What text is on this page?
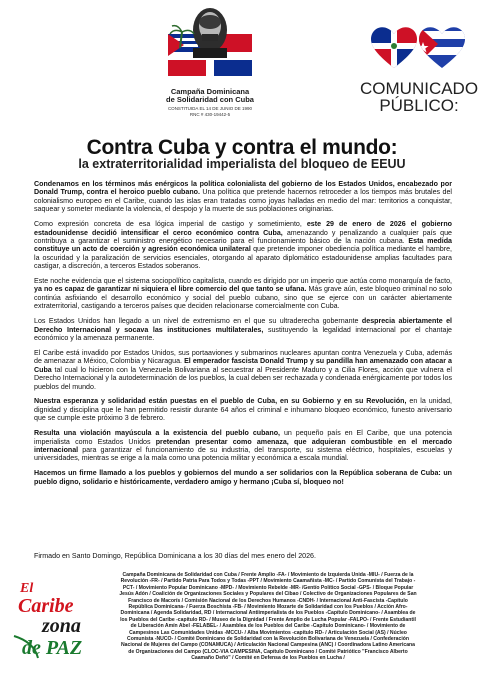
Campaña Dominicana
de Solidaridad con Cuba
CONSTITUIDA EL 14 DE JUNIO DE 1990
RNC # 430-19442-5
COMUNICADO
PÚBLICO:
Contra Cuba y contra el mundo:
la extraterritorialidad imperialista del bloqueo de EEUU

Condenamos en los términos más enérgicos la política colonialista del gobierno de los Estados Unidos, encabezado por Donald Trump, contra el heroico pueblo cubano. Una política que pretende hacernos retroceder a los tiempos más brutales del colonialismo europeo en el Caribe, cuando las islas eran tratadas como joyas halladas en medio del mar: territorios a conquistar, saquear y someter mediante la violencia, el despojo y la muerte de sus poblaciones originarias.

Como expresión concreta de esa lógica imperial de castigo y sometimiento, este 29 de enero de 2026 el gobierno estadounidense decidió intensificar el cerco económico contra Cuba, amenazando y penalizando a cualquier país que contribuya a garantizar el suministro energético necesario para el funcionamiento básico de la nación cubana. Esta medida constituye un acto de coerción y agresión económica unilateral que pretende imponer obediencia política mediante el hambre, la oscuridad y la paralización de servicios esenciales, otorgando al aparato diplomático estadounidense amplias facultades para castigar, a discreción, a terceros Estados soberanos.

Este noche evidencia que el sistema sociopolítico capitalista, cuando es dirigido por un imperio que actúa como monarquía de facto, ya no es capaz de garantizar ni siquiera el libre comercio del que tanto se ufana. Más grave aún, este bloqueo criminal no solo continúa asfixiando el desarrollo económico y social del pueblo cubano, sino que se ejerce con un carácter abiertamente extraterritorial, castigando a terceros países que deciden relacionarse comercialmente con Cuba.

Los Estados Unidos han llegado a un nivel de extremismo en el que su ultraderecha gobernante desprecia abiertamente el Derecho Internacional y socava las instituciones multilaterales, sustituyendo la legalidad internacional por el chantaje económico y la amenaza permanente.

El Caribe está invadido por Estados Unidos, sus portaaviones y submarinos nucleares apuntan contra Venezuela y Cuba, además de amenazar a México, Colombia y Nicaragua. El emperador fascista Donald Trump y su pandilla han amenazado con atacar a Cuba tal cual lo hicieron con la Venezuela Bolivariana al secuestrar al Presidente Maduro y a Cilia Flores, acción que vulnera el Derecho Internacional y la autodeterminación de los pueblos, la cual deben ser rechazada y condenada enérgicamente por todos los pueblos del mundo.

Nuestra esperanza y solidaridad están puestas en el pueblo de Cuba, en su Gobierno y en su Revolución, en la unidad, dignidad y disciplina que le han permitido resistir durante 64 años el criminal e inhumano bloqueo económico, funesto aniversario que se cumple este próximo 3 de febrero.

Resulta una violación mayúscula a la existencia del pueblo cubano, un pequeño país en El Caribe, que una potencia imperialista como Estados Unidos pretendan presentar como amenaza, que adquieran combustible en el mercado internacional para garantizar el funcionamiento de su industria, del transporte, su sistema eléctrico, hospitales, escuelas y universidades, mientras se erige a la mala como una potencia militar y económica a escala mundial.

Hacemos un firme llamado a los pueblos y gobiernos del mundo a ser solidarios con la República soberana de Cuba: un pueblo digno, solidario e históricamente, verdadero amigo y hermano ¡Cuba sí, bloqueo no!

Firmado en Santo Domingo, República Dominicana a los 30 días del mes enero del 2026.
El
Caribe
zona
de PAZ
Campaña Dominicana de Solidaridad con Cuba / Frente Amplio -FA- / Movimiento de Izquierda Unida -MIU- / Fuerza de la Revolución -FR- / Partido Patria Para Todos y Todas -PPT / Movimiento Caamañista -MC- / Partido Comunista del Trabajo -PCT- / Movimiento Popular Dominicano -MPD- / Movimiento Rebelde -MR- /Gentío Político Social -GPS- / Bloque Popular Jesús Adón / Coalición de Organizaciones Sociales y Populares del Cibao / Colectivo de Organizaciones Populares de San Francisco de Macorís / Comisión Nacional de los Derechos Humanos -CNDH- / Internacional Anti-Fascista -Capítulo República Dominicana- / Fuerza Boschista -FB- / Movimiento Mozarte de Solidaridad con los Pueblos / Acción Afro-Dominicana / Agenda Solidaridad, RD / Internacional Antiimperialista de los Pueblos -Capítulo Dominicano- / Asamblea de los Pueblos del Caribe -capítulo RD- / Museo de la Dignidad / Frente Amplio de Lucha Popular -FALPO- / Frente Estudiantil de Liberación Amín Abel -FELABEL- / Asamblea de los Pueblos del Caribe -Capítulo Dominicano- / Movimiento de Campesinos Las Comunidades Unidas -MCCU- / Alba Movimientos -capítulo RD- / Articulación Social (AS) / Núcleo Comunista -NUCO- / Comité Dominicano de Solidaridad con la Revolución Bolivariana de Venezuela / Confederación Nacional de Mujeres del Campo (CONAMUCA) / Articulación Nacional Campesina (ANC) / Coordinadora Latino Americana de Organizaciones del Campo (CLOC-VIA CAMPESINA, Capítulo Dominicano / Comité Patriótico "Francisco Alberto Caamaño Deñó" / Comité en Defensa de los Pueblos en Lucha /
